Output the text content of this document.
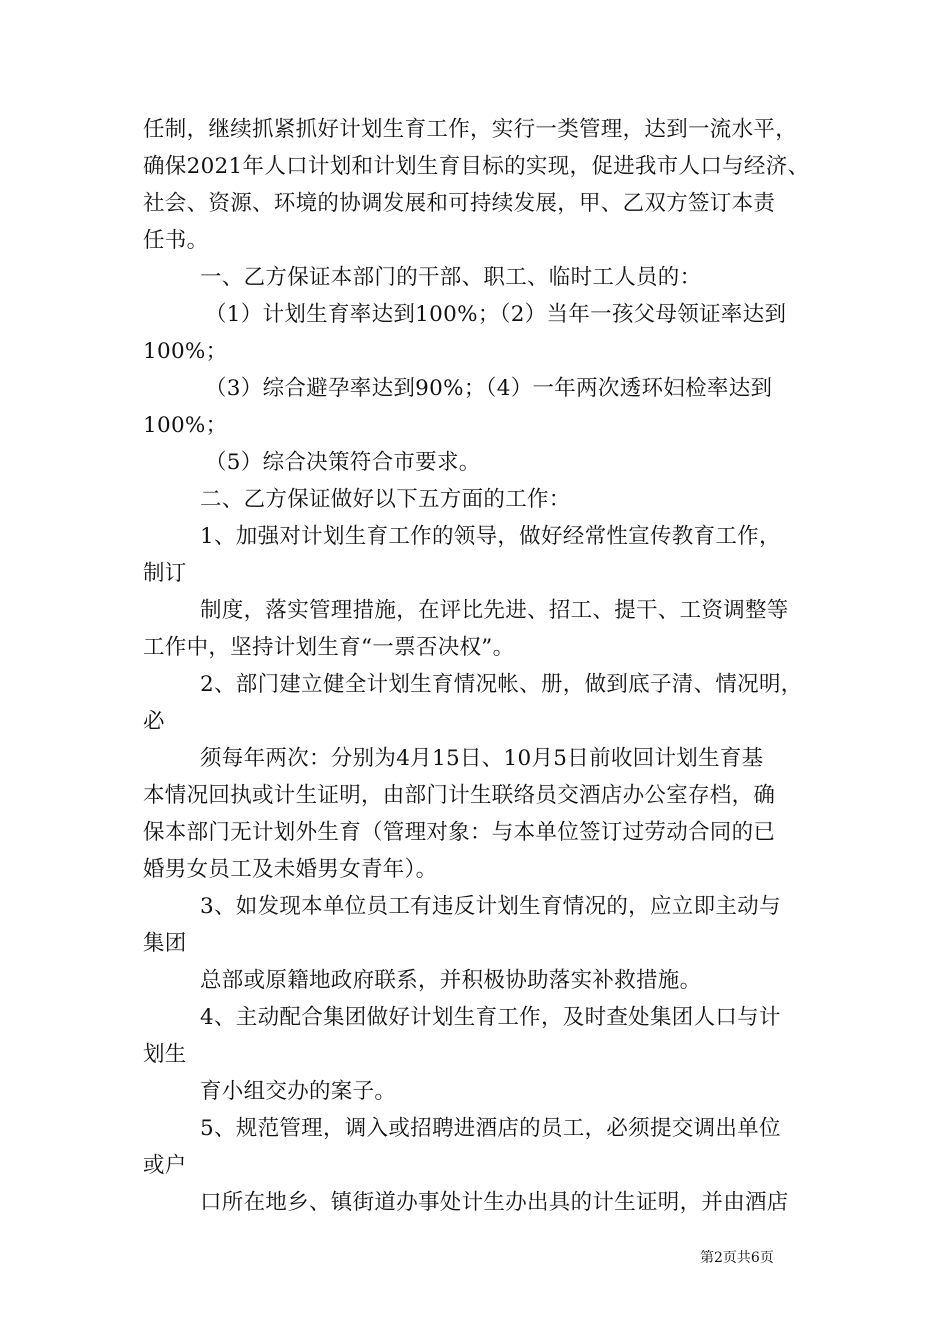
任制，继续抓紧抓好计划生育工作，实行一类管理，达到一流水平，
确保2021年人口计划和计划生育目标的实现，促进我市人口与经济、
社会、资源、环境的协调发展和可持续发展，甲、乙双方签订本责
任书。
一、乙方保证本部门的干部、职工、临时工人员的：
（1）计划生育率达到100%；（2）当年一孩父母领证率达到
100%；
（3）综合避孕率达到90%；（4）一年两次透环妇检率达到
100%；
（5）综合决策符合市要求。
二、乙方保证做好以下五方面的工作：
1、加强对计划生育工作的领导，做好经常性宣传教育工作，
制订
制度，落实管理措施，在评比先进、招工、提干、工资调整等
工作中，坚持计划生育“一票否决权”。
2、部门建立健全计划生育情况帐、册，做到底子清、情况明，
必
须每年两次：分别为4月15日、10月5日前收回计划生育基
本情况回执或计生证明，由部门计生联络员交酒店办公室存档，确
保本部门无计划外生育（管理对象：与本单位签订过劳动合同的已
婚男女员工及未婚男女青年）。
3、如发现本单位员工有违反计划生育情况的，应立即主动与
集团
总部或原籍地政府联系，并积极协助落实补救措施。
4、主动配合集团做好计划生育工作，及时查处集团人口与计
划生
育小组交办的案子。
5、规范管理，调入或招聘进酒店的员工，必须提交调出单位
或户
口所在地乡、镇街道办事处计生办出具的计生证明，并由酒店
第2页共6页
